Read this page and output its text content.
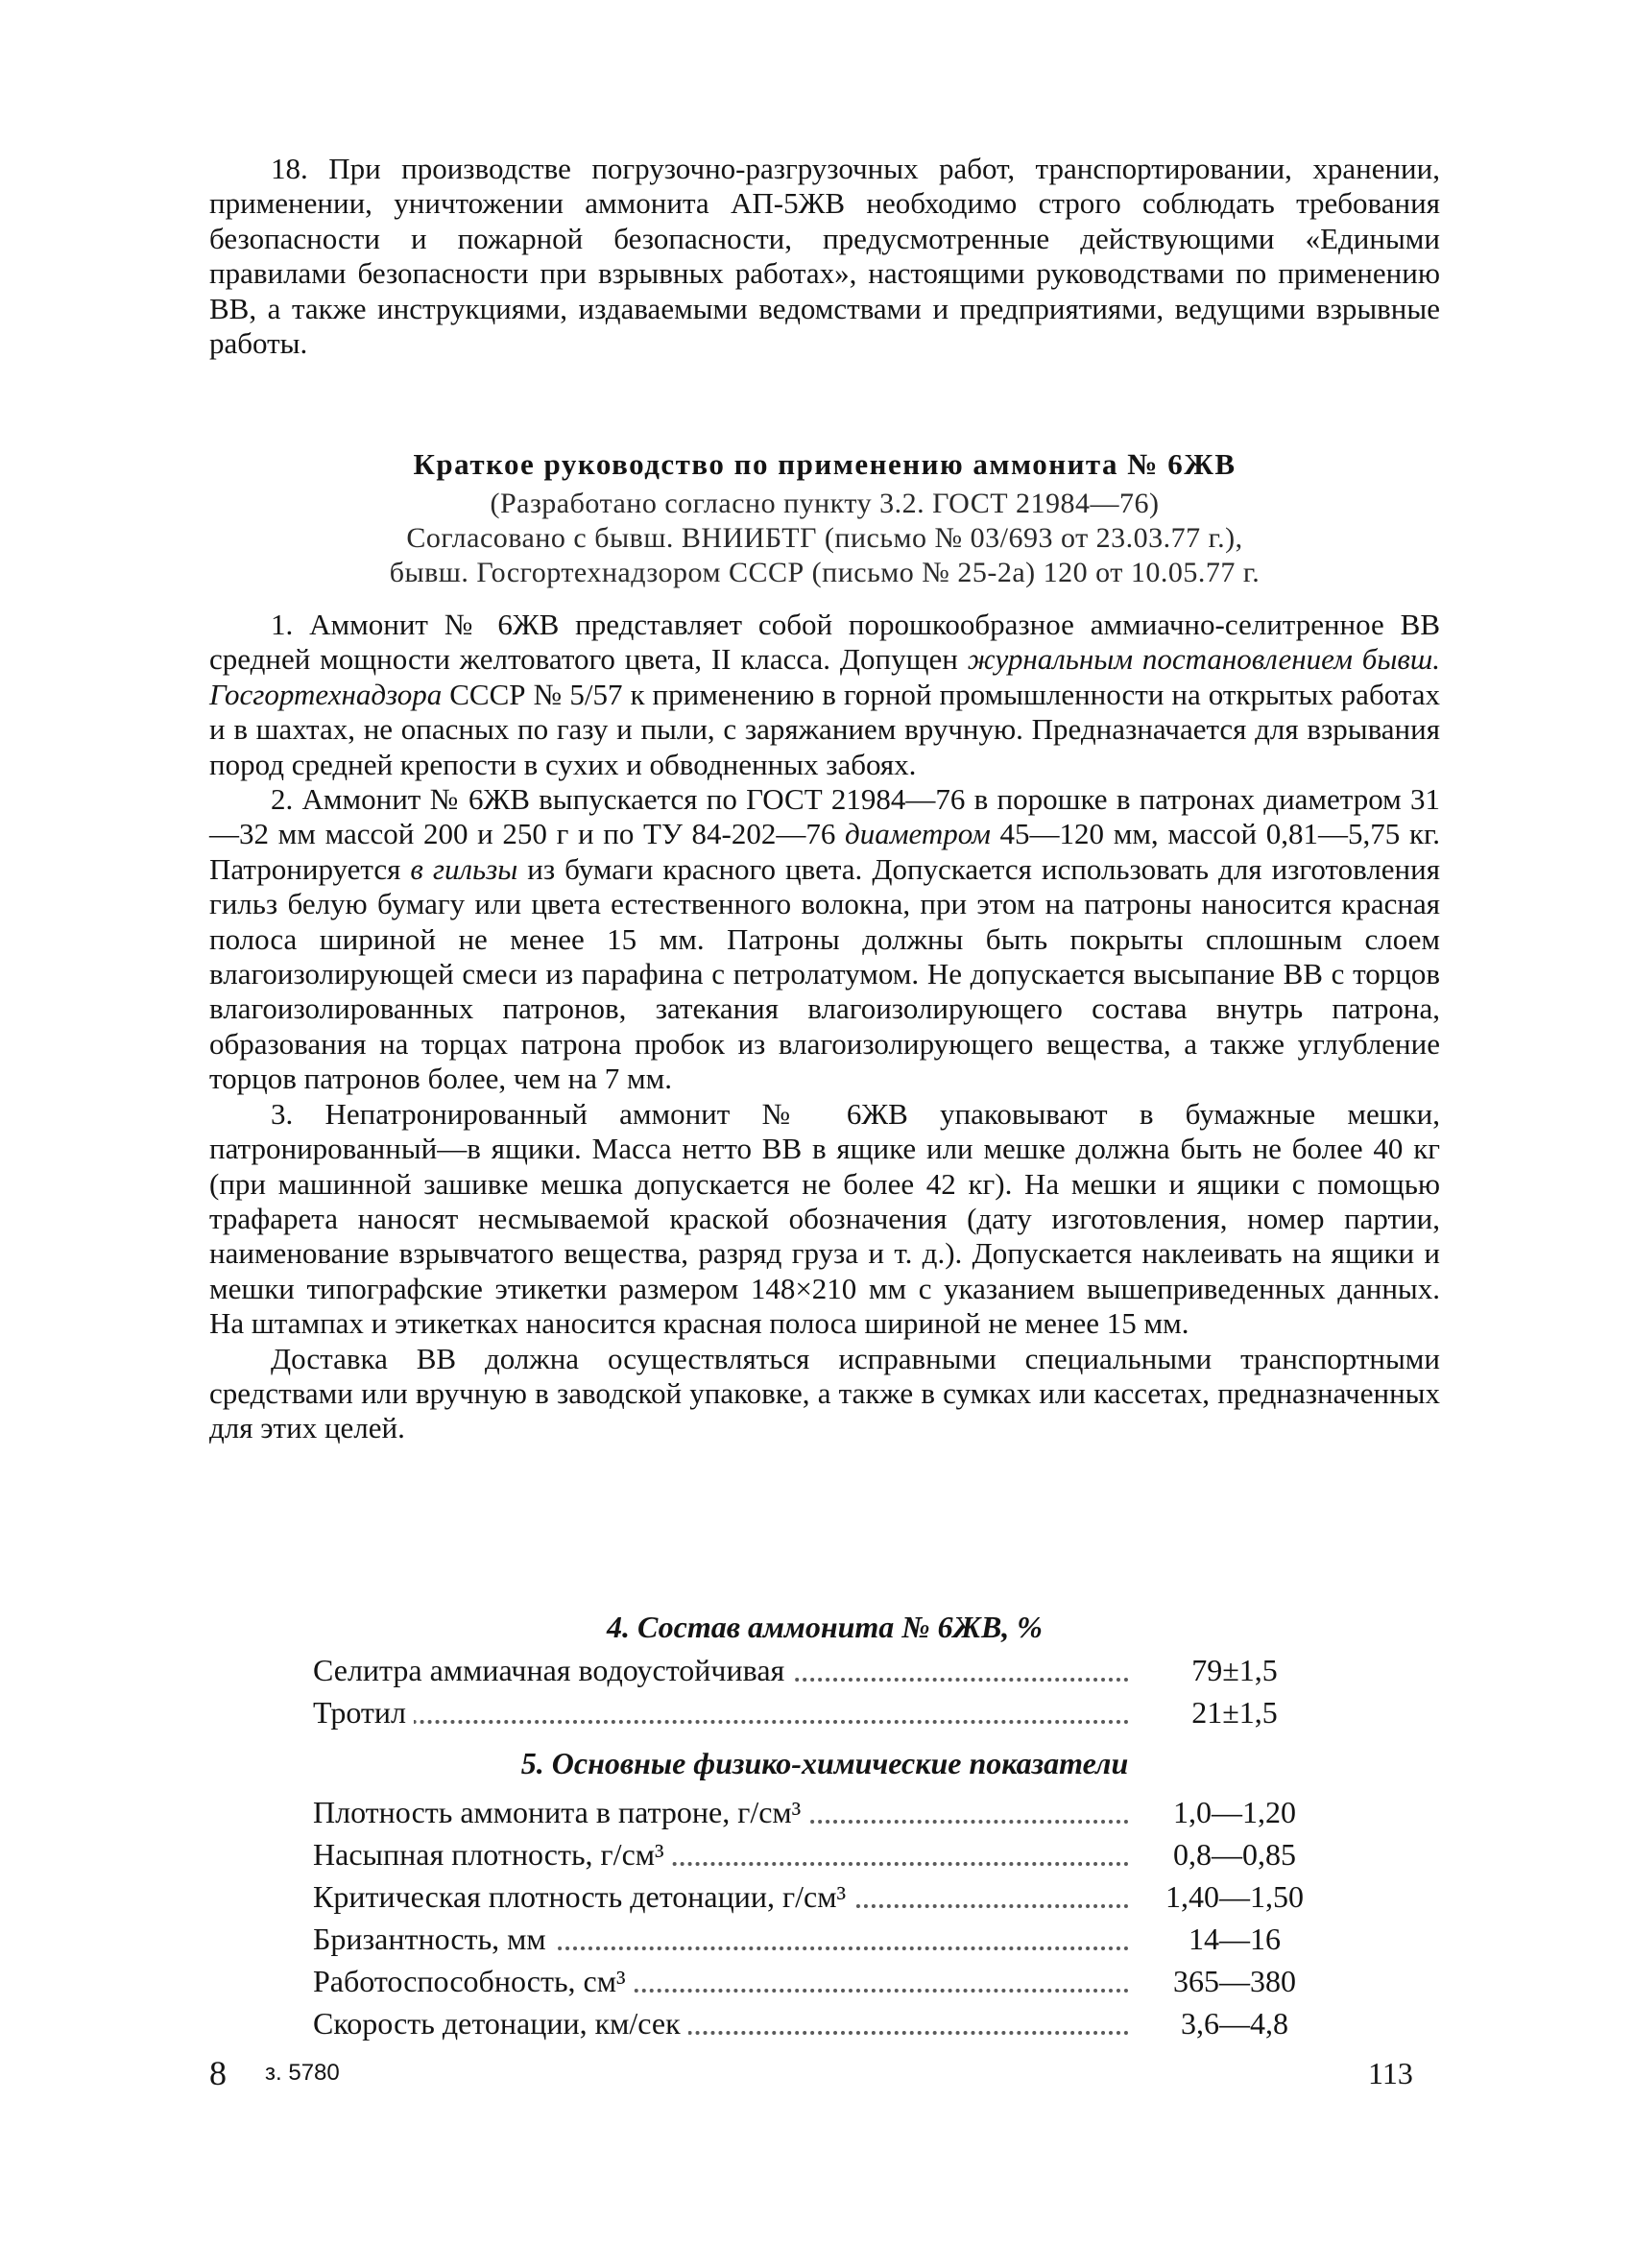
18. При производстве погрузочно-разгрузочных работ, транспортировании, хранении, применении, уничтожении аммонита АП-5ЖВ необходимо строго соблюдать требования безопасности и пожарной безопасности, предусмотренные действующими «Едиными правилами безопасности при взрывных работах», настоящими руководствами по применению ВВ, а также инструкциями, издаваемыми ведомствами и предприятиями, ведущими взрывные работы.

Краткое руководство по применению аммонита № 6ЖВ

(Разработано согласно пункту 3.2. ГОСТ 21984—76)

Согласовано с бывш. ВНИИБТГ (письмо № 03/693 от 23.03.77 г.),

бывш. Госгортехнадзором СССР (письмо № 25-2а) 120 от 10.05.77 г.

1. Аммонит № 6ЖВ представляет собой порошкообразное аммиачно-селитренное ВВ средней мощности желтоватого цвета, II класса. Допущен журнальным постановлением бывш. Госгортехнадзора СССР № 5/57 к применению в горной промышленности на открытых работах и в шахтах, не опасных по газу и пыли, с заряжанием вручную. Предназначается для взрывания пород средней крепости в сухих и обводненных забоях.

2. Аммонит № 6ЖВ выпускается по ГОСТ 21984—76 в порошке в патронах диаметром 31—32 мм массой 200 и 250 г и по ТУ 84-202—76 диаметром 45—120 мм, массой 0,81—5,75 кг. Патронируется в гильзы из бумаги красного цвета. Допускается использовать для изготовления гильз белую бумагу или цвета естественного волокна, при этом на патроны наносится красная полоса шириной не менее 15 мм. Патроны должны быть покрыты сплошным слоем влагоизолирующей смеси из парафина с петролатумом. Не допускается высыпание ВВ с торцов влагоизолированных патронов, затекания влагоизолирующего состава внутрь патрона, образования на торцах патрона пробок из влагоизолирующего вещества, а также углубление торцов патронов более, чем на 7 мм.

3. Непатронированный аммонит № 6ЖВ упаковывают в бумажные мешки, патронированный—в ящики. Масса нетто ВВ в ящике или мешке должна быть не более 40 кг (при машинной зашивке мешка допускается не более 42 кг). На мешки и ящики с помощью трафарета наносят несмываемой краской обозначения (дату изготовления, номер партии, наименование взрывчатого вещества, разряд груза и т. д.). Допускается наклеивать на ящики и мешки типографские этикетки размером 148×210 мм с указанием вышеприведенных данных. На штампах и этикетках наносится красная полоса шириной не менее 15 мм.

Доставка ВВ должна осуществляться исправными специальными транспортными средствами или вручную в заводской упаковке, а также в сумках или кассетах, предназначенных для этих целей.

4. Состав аммонита № 6ЖВ, %
Селитра аммиачная водоустойчивая	79±1,5
Тротил	21±1,5
5. Основные физико-химические показатели
Плотность аммонита в патроне, г/см³	1,0—1,20
Насыпная плотность, г/см³	0,8—0,85
Критическая плотность детонации, г/см³	1,40—1,50
Бризантность, мм	14—16
Работоспособность, см³	365—380
Скорость детонации, км/сек	3,6—4,8
8 з. 5780	113
